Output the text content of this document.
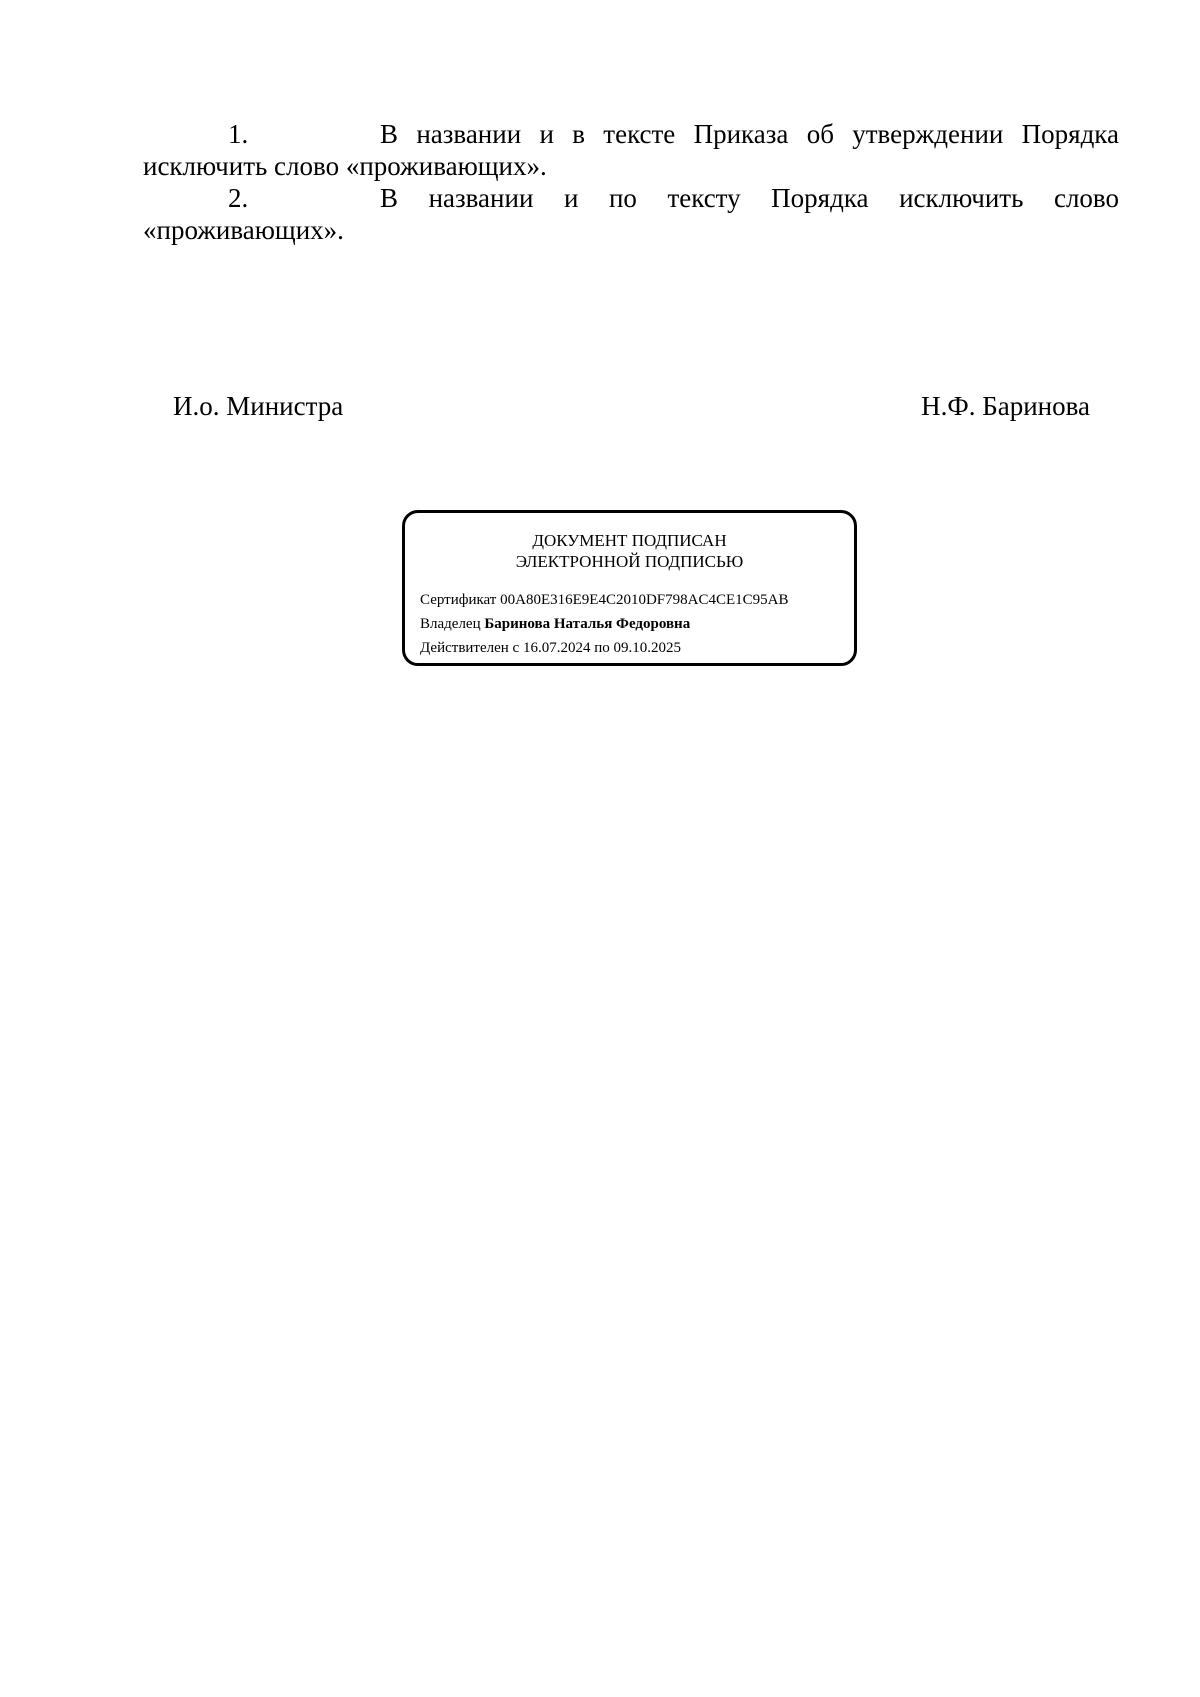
1.	В названии и в тексте Приказа об утверждении Порядка
исключить слово «проживающих».
2.	В названии и по тексту Порядка исключить слово
«проживающих».
И.о. Министра	Н.Ф. Баринова
ДОКУМЕНТ ПОДПИСАН
ЭЛЕКТРОННОЙ ПОДПИСЬЮ
Сертификат 00A80E316E9E4C2010DF798AC4CE1C95AB
Владелец Баринова Наталья Федоровна
Действителен с 16.07.2024 по 09.10.2025
